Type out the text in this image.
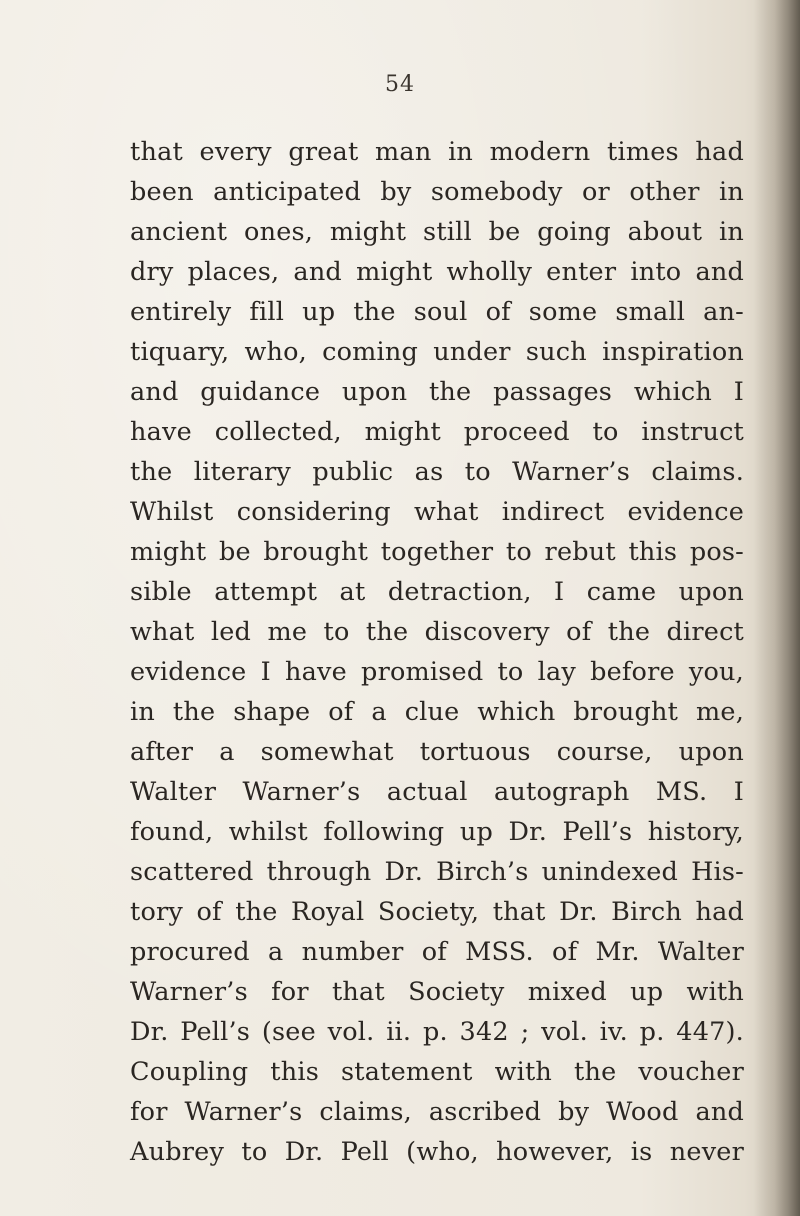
54
that every great man in modern times had
been anticipated by somebody or other in
ancient ones, might still be going about in
dry places, and might wholly enter into and
entirely fill up the soul of some small an-
tiquary, who, coming under such inspiration
and guidance upon the passages which I
have collected, might proceed to instruct
the literary public as to Warner’s claims.
Whilst considering what indirect evidence
might be brought together to rebut this pos-
sible attempt at detraction, I came upon
what led me to the discovery of the direct
evidence I have promised to lay before you,
in the shape of a clue which brought me,
after a somewhat tortuous course, upon
Walter Warner’s actual autograph MS. I
found, whilst following up Dr. Pell’s history,
scattered through Dr. Birch’s unindexed His-
tory of the Royal Society, that Dr. Birch had
procured a number of MSS. of Mr. Walter
Warner’s for that Society mixed up with
Dr. Pell’s (see vol. ii. p. 342 ; vol. iv. p. 447).
Coupling this statement with the voucher
for Warner’s claims, ascribed by Wood and
Aubrey to Dr. Pell (who, however, is never
